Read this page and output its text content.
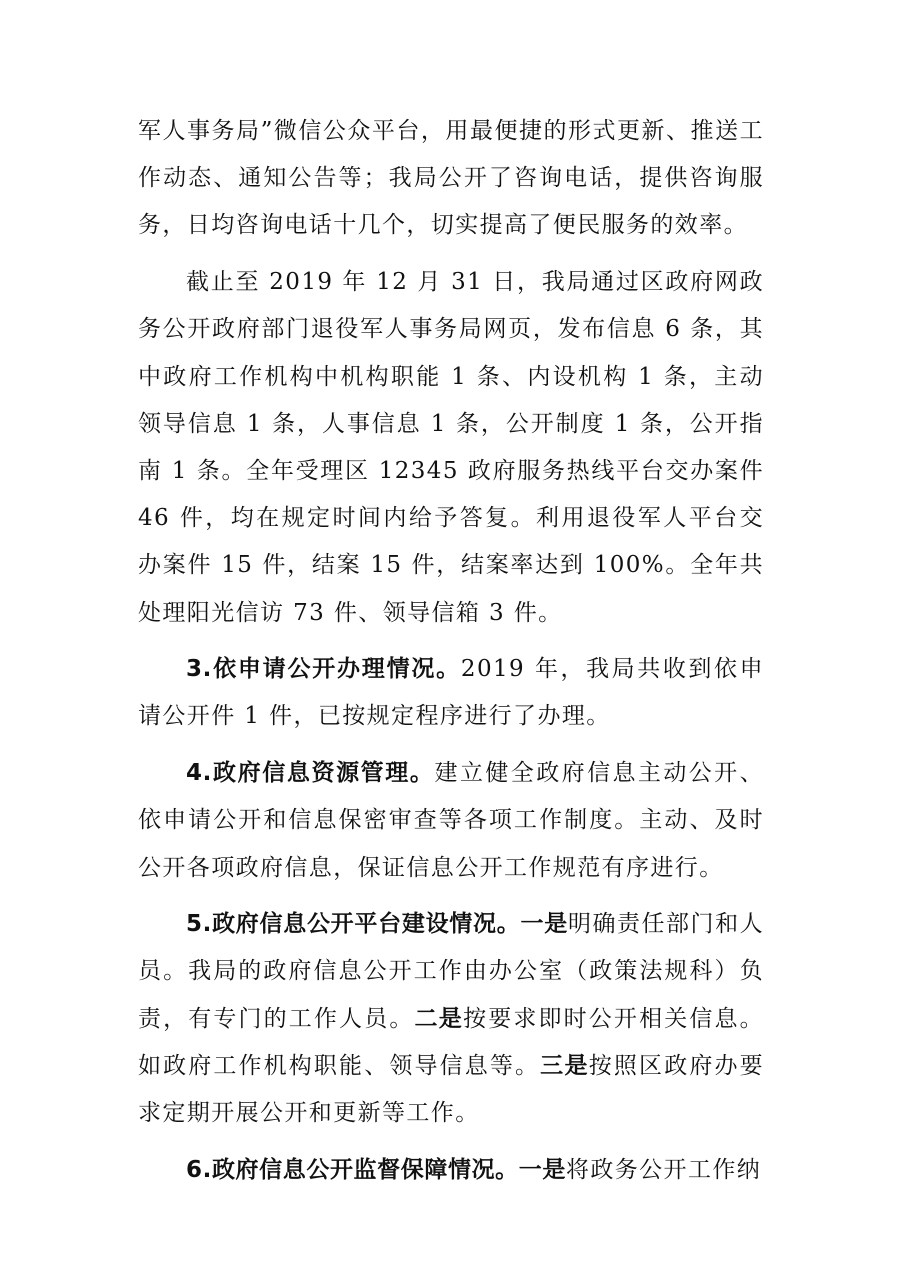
军人事务局”微信公众平台，用最便捷的形式更新、推送工作动态、通知公告等；我局公开了咨询电话，提供咨询服务，日均咨询电话十几个，切实提高了便民服务的效率。

截止至 2019 年 12 月 31 日，我局通过区政府网政务公开政府部门退役军人事务局网页，发布信息 6 条，其中政府工作机构中机构职能 1 条、内设机构 1 条，主动领导信息 1 条，人事信息 1 条，公开制度 1 条，公开指南 1 条。全年受理区 12345 政府服务热线平台交办案件 46 件，均在规定时间内给予答复。利用退役军人平台交办案件 15 件，结案 15 件，结案率达到 100%。全年共处理阳光信访 73 件、领导信箱 3 件。

3.依申请公开办理情况。2019 年，我局共收到依申请公开件 1 件，已按规定程序进行了办理。

4.政府信息资源管理。建立健全政府信息主动公开、依申请公开和信息保密审查等各项工作制度。主动、及时公开各项政府信息，保证信息公开工作规范有序进行。

5.政府信息公开平台建设情况。一是明确责任部门和人员。我局的政府信息公开工作由办公室（政策法规科）负责，有专门的工作人员。二是按要求即时公开相关信息。如政府工作机构职能、领导信息等。三是按照区政府办要求定期开展公开和更新等工作。

6.政府信息公开监督保障情况。一是将政务公开工作纳
